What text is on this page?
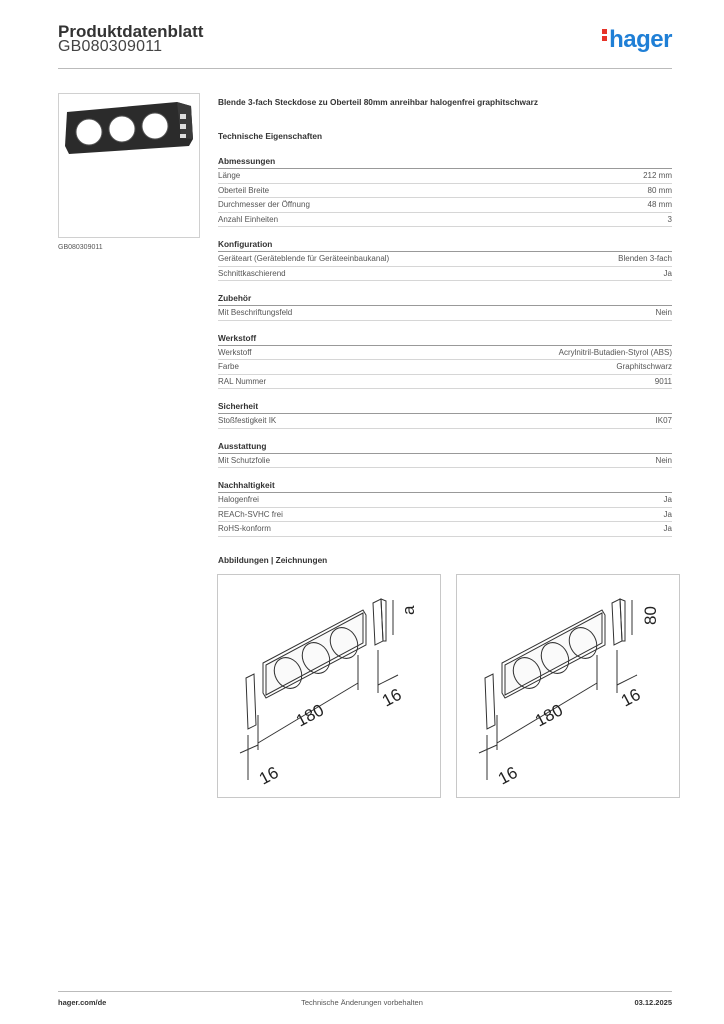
Produktdatenblatt
GB080309011	hager
GB080309011
Blende 3-fach Steckdose zu Oberteil 80mm anreihbar halogenfrei graphitschwarz
Technische Eigenschaften
Abmessungen
Länge	212 mm
Oberteil Breite	80 mm
Durchmesser der Öffnung	48 mm
Anzahl Einheiten	3
Konfiguration
Geräteart (Geräteblende für Geräteeinbaukanal)	Blenden 3-fach
Schnittkaschierend	Ja
Zubehör
Mit Beschriftungsfeld	Nein
Werkstoff
Werkstoff	Acrylnitril-Butadien-Styrol (ABS)
Farbe	Graphitschwarz
RAL Nummer	9011
Sicherheit
Stoßfestigkeit IK	IK07
Ausstattung
Mit Schutzfolie	Nein
Nachhaltigkeit
Halogenfrei	Ja
REACh-SVHC frei	Ja
RoHS-konform	Ja
Abbildungen | Zeichnungen
180
16
16
a
180
16
16
80
hager.com/de	Technische Änderungen vorbehalten	03.12.2025
